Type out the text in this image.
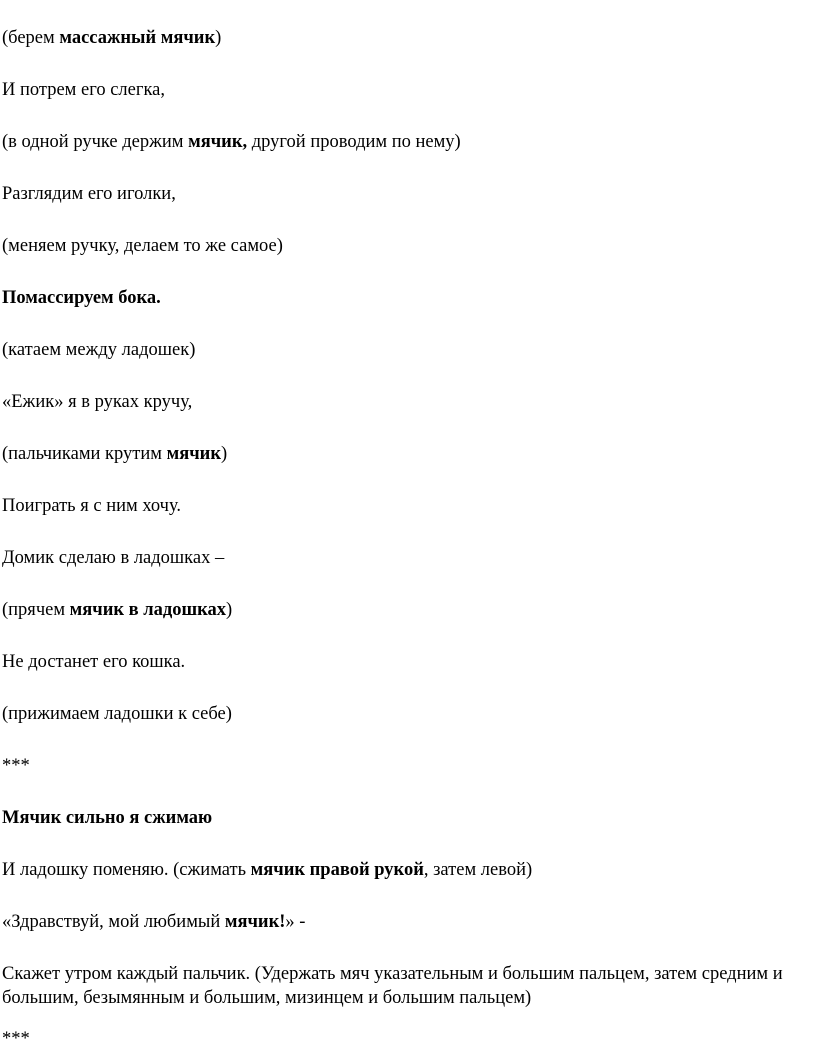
(берем массажный мячик)
И потрем его слегка,
(в одной ручке держим мячик, другой проводим по нему)
Разглядим его иголки,
(меняем ручку, делаем то же самое)
Помассируем бока.
(катаем между ладошек)
«Ежик» я в руках кручу,
(пальчиками крутим мячик)
Поиграть я с ним хочу.
Домик сделаю в ладошках –
(прячем мячик в ладошках)
Не достанет его кошка.
(прижимаем ладошки к себе)
***
Мячик сильно я сжимаю
И ладошку поменяю. (сжимать мячик правой рукой, затем левой)
«Здравствуй, мой любимый мячик!» -
Скажет утром каждый пальчик. (Удержать мяч указательным и большим пальцем, затем средним и большим, безымянным и большим, мизинцем и большим пальцем)
***
